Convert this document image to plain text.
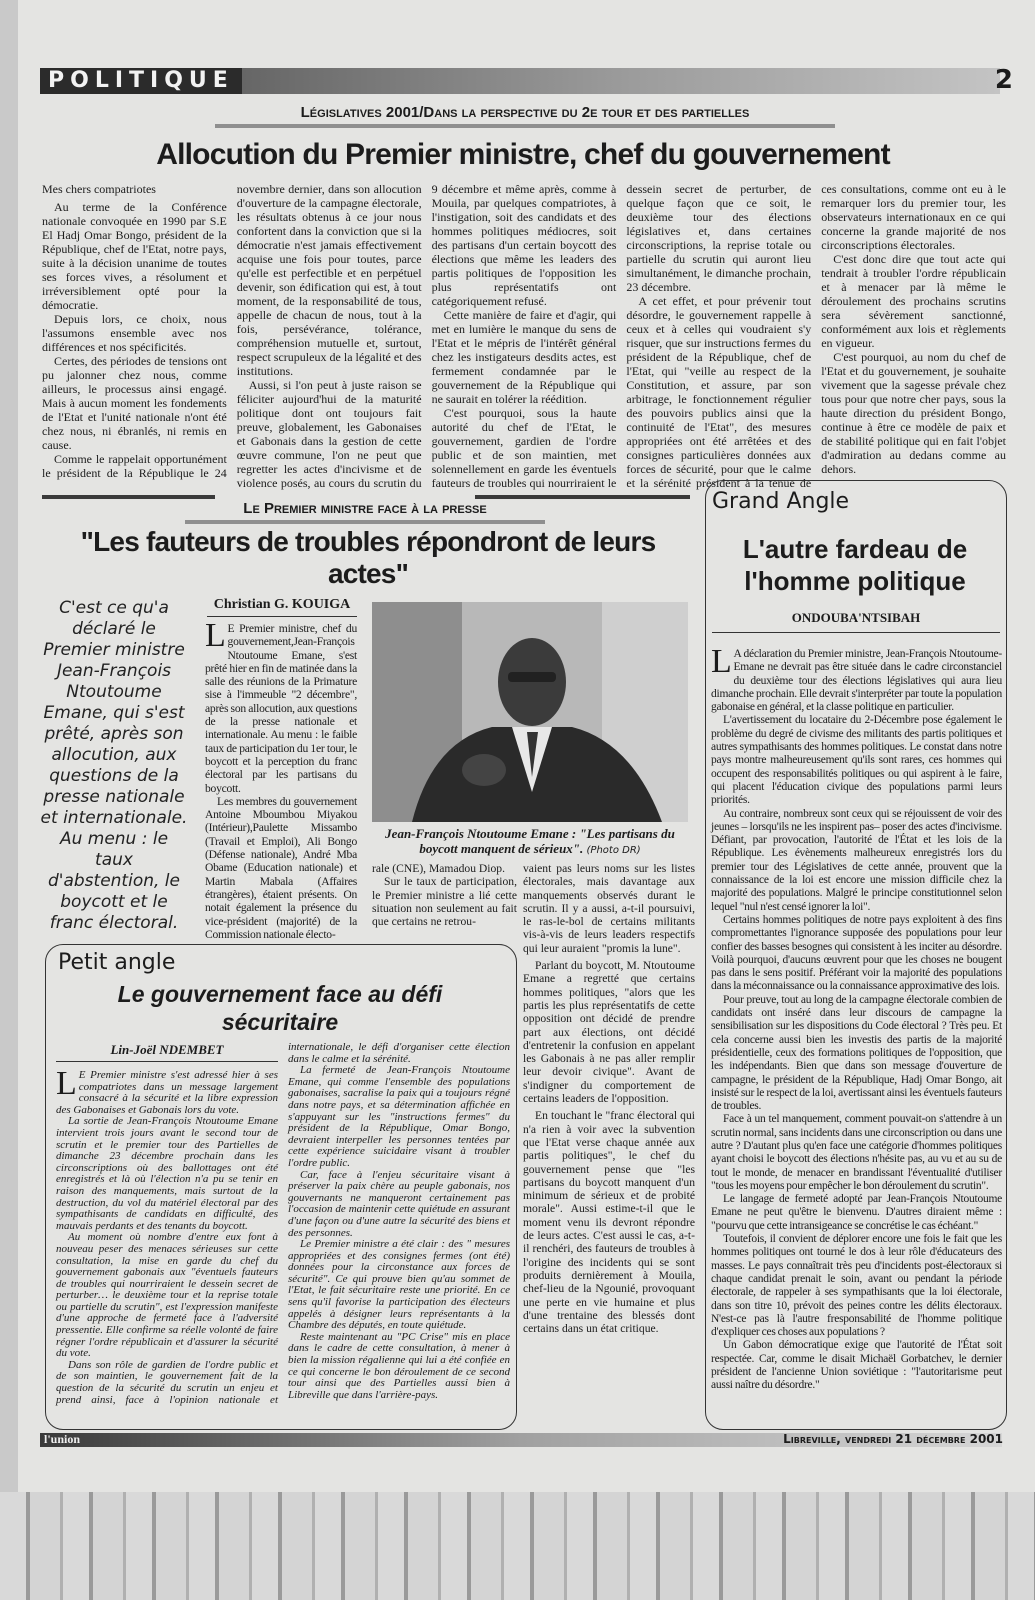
POLITIQUE	2
Législatives 2001/Dans la perspective du 2e tour et des partielles
Allocution du Premier ministre, chef du gouvernement

Mes chers compatriotes

Au terme de la Conférence nationale convoquée en 1990 par S.E El Hadj Omar Bongo, président de la République, chef de l'Etat, notre pays, suite à la décision unanime de toutes ses forces vives, a résolument et irréversiblement opté pour la démocratie.

Depuis lors, ce choix, nous l'assumons ensemble avec nos différences et nos spécificités.

Certes, des périodes de tensions ont pu jalonner chez nous, comme ailleurs, le processus ainsi engagé. Mais à aucun moment les fondements de l'Etat et l'unité nationale n'ont été chez nous, ni ébranlés, ni remis en cause.

Comme le rappelait opportunément le président de la République le 24 novembre dernier, dans son allocution d'ouverture de la campagne électorale, les résultats obtenus à ce jour nous confortent dans la conviction que si la démocratie n'est jamais effectivement acquise une fois pour toutes, parce qu'elle est perfectible et en perpétuel devenir, son édification qui est, à tout moment, de la responsabilité de tous, appelle de chacun de nous, tout à la fois, persévérance, tolérance, compréhension mutuelle et, surtout, respect scrupuleux de la légalité et des institutions.

Aussi, si l'on peut à juste raison se féliciter aujourd'hui de la maturité politique dont ont toujours fait preuve, globalement, les Gabonaises et Gabonais dans la gestion de cette œuvre commune, l'on ne peut que regretter les actes d'incivisme et de violence posés, au cours du scrutin du 9 décembre et même après, comme à Mouila, par quelques compatriotes, à l'instigation, soit des candidats et des hommes politiques médiocres, soit des partisans d'un certain boycott des élections que même les leaders des partis politiques de l'opposition les plus représentatifs ont catégoriquement refusé.

Cette manière de faire et d'agir, qui met en lumière le manque du sens de l'Etat et le mépris de l'intérêt général chez les instigateurs desdits actes, est fermement condamnée par le gouvernement de la République qui ne saurait en tolérer la réédition.

C'est pourquoi, sous la haute autorité du chef de l'Etat, le gouvernement, gardien de l'ordre public et de son maintien, met solennellement en garde les éventuels fauteurs de troubles qui nourriraient le dessein secret de perturber, de quelque façon que ce soit, le deuxième tour des élections législatives et, dans certaines circonscriptions, la reprise totale ou partielle du scrutin qui auront lieu simultanément, le dimanche prochain, 23 décembre.

A cet effet, et pour prévenir tout désordre, le gouvernement rappelle à ceux et à celles qui voudraient s'y risquer, que sur instructions fermes du président de la République, chef de l'Etat, qui "veille au respect de la Constitution, et assure, par son arbitrage, le fonctionnement régulier des pouvoirs publics ainsi que la continuité de l'Etat", des mesures appropriées ont été arrêtées et des consignes particulières données aux forces de sécurité, pour que le calme et la sérénité président à la tenue de ces consultations, comme ont eu à le remarquer lors du premier tour, les observateurs internationaux en ce qui concerne la grande majorité de nos circonscriptions électorales.

C'est donc dire que tout acte qui tendrait à troubler l'ordre républicain et à menacer par là même le déroulement des prochains scrutins sera sévèrement sanctionné, conformément aux lois et règlements en vigueur.

C'est pourquoi, au nom du chef de l'Etat et du gouvernement, je souhaite vivement que la sagesse prévale chez tous pour que notre cher pays, sous la haute direction du président Bongo, continue à être ce modèle de paix et de stabilité politique qui en fait l'objet d'admiration au dedans comme au dehors.

Le Premier ministre face à la presse
"Les fauteurs de troubles répondront de leurs actes"
C'est ce qu'a déclaré le Premier ministre Jean-François Ntoutoume Emane, qui s'est prêté, après son allocution, aux questions de la presse nationale et internationale. Au menu : le taux d'abstention, le boycott et le franc électoral.
Christian G. KOUIGA

L E Premier ministre, chef du gouvernement,Jean-François Ntoutoume Emane, s'est prêté hier en fin de matinée dans la salle des réunions de la Primature sise à l'immeuble "2 décembre", après son allocution, aux questions de la presse nationale et internationale. Au menu : le faible taux de participation du 1er tour, le boycott et la perception du franc électoral par les partisans du boycott.

Les membres du gouvernement Antoine Mboumbou Miyakou (Intérieur),Paulette Missambo (Travail et Emploi), Ali Bongo (Défense nationale), André Mba Obame (Education nationale) et Martin Mabala (Affaires étrangères), étaient présents. On notait également la présence du vice-président (majorité) de la Commission nationale électo-

Jean-François Ntoutoume Emane : "Les partisans du boycott manquent de sérieux". (Photo DR)

rale (CNE), Mamadou Diop.

Sur le taux de participation, le Premier ministre a lié cette situation non seulement au fait que certains ne retrou-

vaient pas leurs noms sur les listes électorales, mais davantage aux manquements observés durant le scrutin. Il y a aussi, a-t-il poursuivi, le ras-le-bol de certains militants vis-à-vis de leurs leaders respectifs qui leur auraient "promis la lune".

Parlant du boycott, M. Ntoutoume Emane a regretté que certains hommes politiques, "alors que les partis les plus représentatifs de cette opposition ont décidé de prendre part aux élections, ont décidé d'entretenir la confusion en appelant les Gabonais à ne pas aller remplir leur devoir civique". Avant de s'indigner du comportement de certains leaders de l'opposition.

En touchant le "franc électoral qui n'a rien à voir avec la subvention que l'Etat verse chaque année aux partis politiques", le chef du gouvernement pense que "les partisans du boycott manquent d'un minimum de sérieux et de probité morale". Aussi estime-t-il que le moment venu ils devront répondre de leurs actes. C'est aussi le cas, a-t-il renchéri, des fauteurs de troubles à l'origine des incidents qui se sont produits dernièrement à Mouila, chef-lieu de la Ngounié, provoquant une perte en vie humaine et plus d'une trentaine des blessés dont certains dans un état critique.

Petit angle
Le gouvernement face au défi sécuritaire
Lin-Joël NDEMBET

L E Premier ministre s'est adressé hier à ses compatriotes dans un message largement consacré à la sécurité et la libre expression des Gabonaises et Gabonais lors du vote.

La sortie de Jean-François Ntoutoume Emane intervient trois jours avant le second tour de scrutin et le premier tour des Partielles de dimanche 23 décembre prochain dans les circonscriptions où des ballottages ont été enregistrés et là où l'élection n'a pu se tenir en raison des manquements, mais surtout de la destruction, du vol du matériel électoral par des sympathisants de candidats en difficulté, des mauvais perdants et des tenants du boycott.

Au moment où nombre d'entre eux font à nouveau peser des menaces sérieuses sur cette consultation, la mise en garde du chef du gouvernement gabonais aux "éventuels fauteurs de troubles qui nourriraient le dessein secret de perturber… le deuxième tour et la reprise totale ou partielle du scrutin", est l'expression manifeste d'une approche de fermeté face à l'adversité pressentie. Elle confirme sa réelle volonté de faire régner l'ordre républicain et d'assurer la sécurité du vote.

Dans son rôle de gardien de l'ordre public et de son maintien, le gouvernement fait de la question de la sécurité du scrutin un enjeu et prend ainsi, face à l'opinion nationale et internationale, le défi d'organiser cette élection dans le calme et la sérénité.

La fermeté de Jean-François Ntoutoume Emane, qui comme l'ensemble des populations gabonaises, sacralise la paix qui a toujours régné dans notre pays, et sa détermination affichée en s'appuyant sur les "instructions fermes" du président de la République, Omar Bongo, devraient interpeller les personnes tentées par cette expérience suicidaire visant à troubler l'ordre public.

Car, face à l'enjeu sécuritaire visant à préserver la paix chère au peuple gabonais, nos gouvernants ne manqueront certainement pas l'occasion de maintenir cette quiétude en assurant d'une façon ou d'une autre la sécurité des biens et des personnes.

Le Premier ministre a été clair : des " mesures appropriées et des consignes fermes (ont été) données pour la circonstance aux forces de sécurité". Ce qui prouve bien qu'au sommet de l'Etat, le fait sécuritaire reste une priorité. En ce sens qu'il favorise la participation des électeurs appelés à désigner leurs représentants à la Chambre des députés, en toute quiétude.

Reste maintenant au "PC Crise" mis en place dans le cadre de cette consultation, à mener à bien la mission régalienne qui lui a été confiée en ce qui concerne le bon déroulement de ce second tour ainsi que des Partielles aussi bien à Libreville que dans l'arrière-pays.

Grand Angle
L'autre fardeau de l'homme politique
ONDOUBA'NTSIBAH

L A déclaration du Premier ministre, Jean-François Ntoutoume-Emane ne devrait pas être située dans le cadre circonstanciel du deuxième tour des élections législatives qui aura lieu dimanche prochain. Elle devrait s'interpréter par toute la population gabonaise en général, et la classe politique en particulier.

L'avertissement du locataire du 2-Décembre pose également le problème du degré de civisme des militants des partis politiques et autres sympathisants des hommes politiques. Le constat dans notre pays montre malheureusement qu'ils sont rares, ces hommes qui occupent des responsabilités politiques ou qui aspirent à le faire, qui placent l'éducation civique des populations parmi leurs priorités.

Au contraire, nombreux sont ceux qui se réjouissent de voir des jeunes – lorsqu'ils ne les inspirent pas– poser des actes d'incivisme. Défiant, par provocation, l'autorité de l'État et les lois de la République. Les évènements malheureux enregistrés lors du premier tour des Législatives de cette année, prouvent que la connaissance de la loi est encore une mission difficile chez la majorité des populations. Malgré le principe constitutionnel selon lequel "nul n'est censé ignorer la loi".

Certains hommes politiques de notre pays exploitent à des fins compromettantes l'ignorance supposée des populations pour leur confier des basses besognes qui consistent à les inciter au désordre. Voilà pourquoi, d'aucuns œuvrent pour que les choses ne bougent pas dans le sens positif. Préférant voir la majorité des populations dans la méconnaissance ou la connaissance approximative des lois.

Pour preuve, tout au long de la campagne électorale combien de candidats ont inséré dans leur discours de campagne la sensibilisation sur les dispositions du Code électoral ? Très peu. Et cela concerne aussi bien les investis des partis de la majorité présidentielle, ceux des formations politiques de l'opposition, que les indépendants. Bien que dans son message d'ouverture de campagne, le président de la République, Hadj Omar Bongo, ait insisté sur le respect de la loi, avertissant ainsi les éventuels fauteurs de troubles.

Face à un tel manquement, comment pouvait-on s'attendre à un scrutin normal, sans incidents dans une circonscription ou dans une autre ? D'autant plus qu'en face une catégorie d'hommes politiques ayant choisi le boycott des élections n'hésite pas, au vu et au su de tout le monde, de menacer en brandissant l'éventualité d'utiliser "tous les moyens pour empêcher le bon déroulement du scrutin".

Le langage de fermeté adopté par Jean-François Ntoutoume Emane ne peut qu'être le bienvenu. D'autres diraient même : "pourvu que cette intransigeance se concrétise le cas échéant."

Toutefois, il convient de déplorer encore une fois le fait que les hommes politiques ont tourné le dos à leur rôle d'éducateurs des masses. Le pays connaîtrait très peu d'incidents post-électoraux si chaque candidat prenait le soin, avant ou pendant la période électorale, de rappeler à ses sympathisants que la loi électorale, dans son titre 10, prévoit des peines contre les délits électoraux. N'est-ce pas là l'autre fresponsabilité de l'homme politique d'expliquer ces choses aux populations ?

Un Gabon démocratique exige que l'autorité de l'État soit respectée. Car, comme le disait Michaël Gorbatchev, le dernier président de l'ancienne Union soviétique : "l'autoritarisme peut aussi naître du désordre."

l'union	Libreville, vendredi 21 décembre 2001
